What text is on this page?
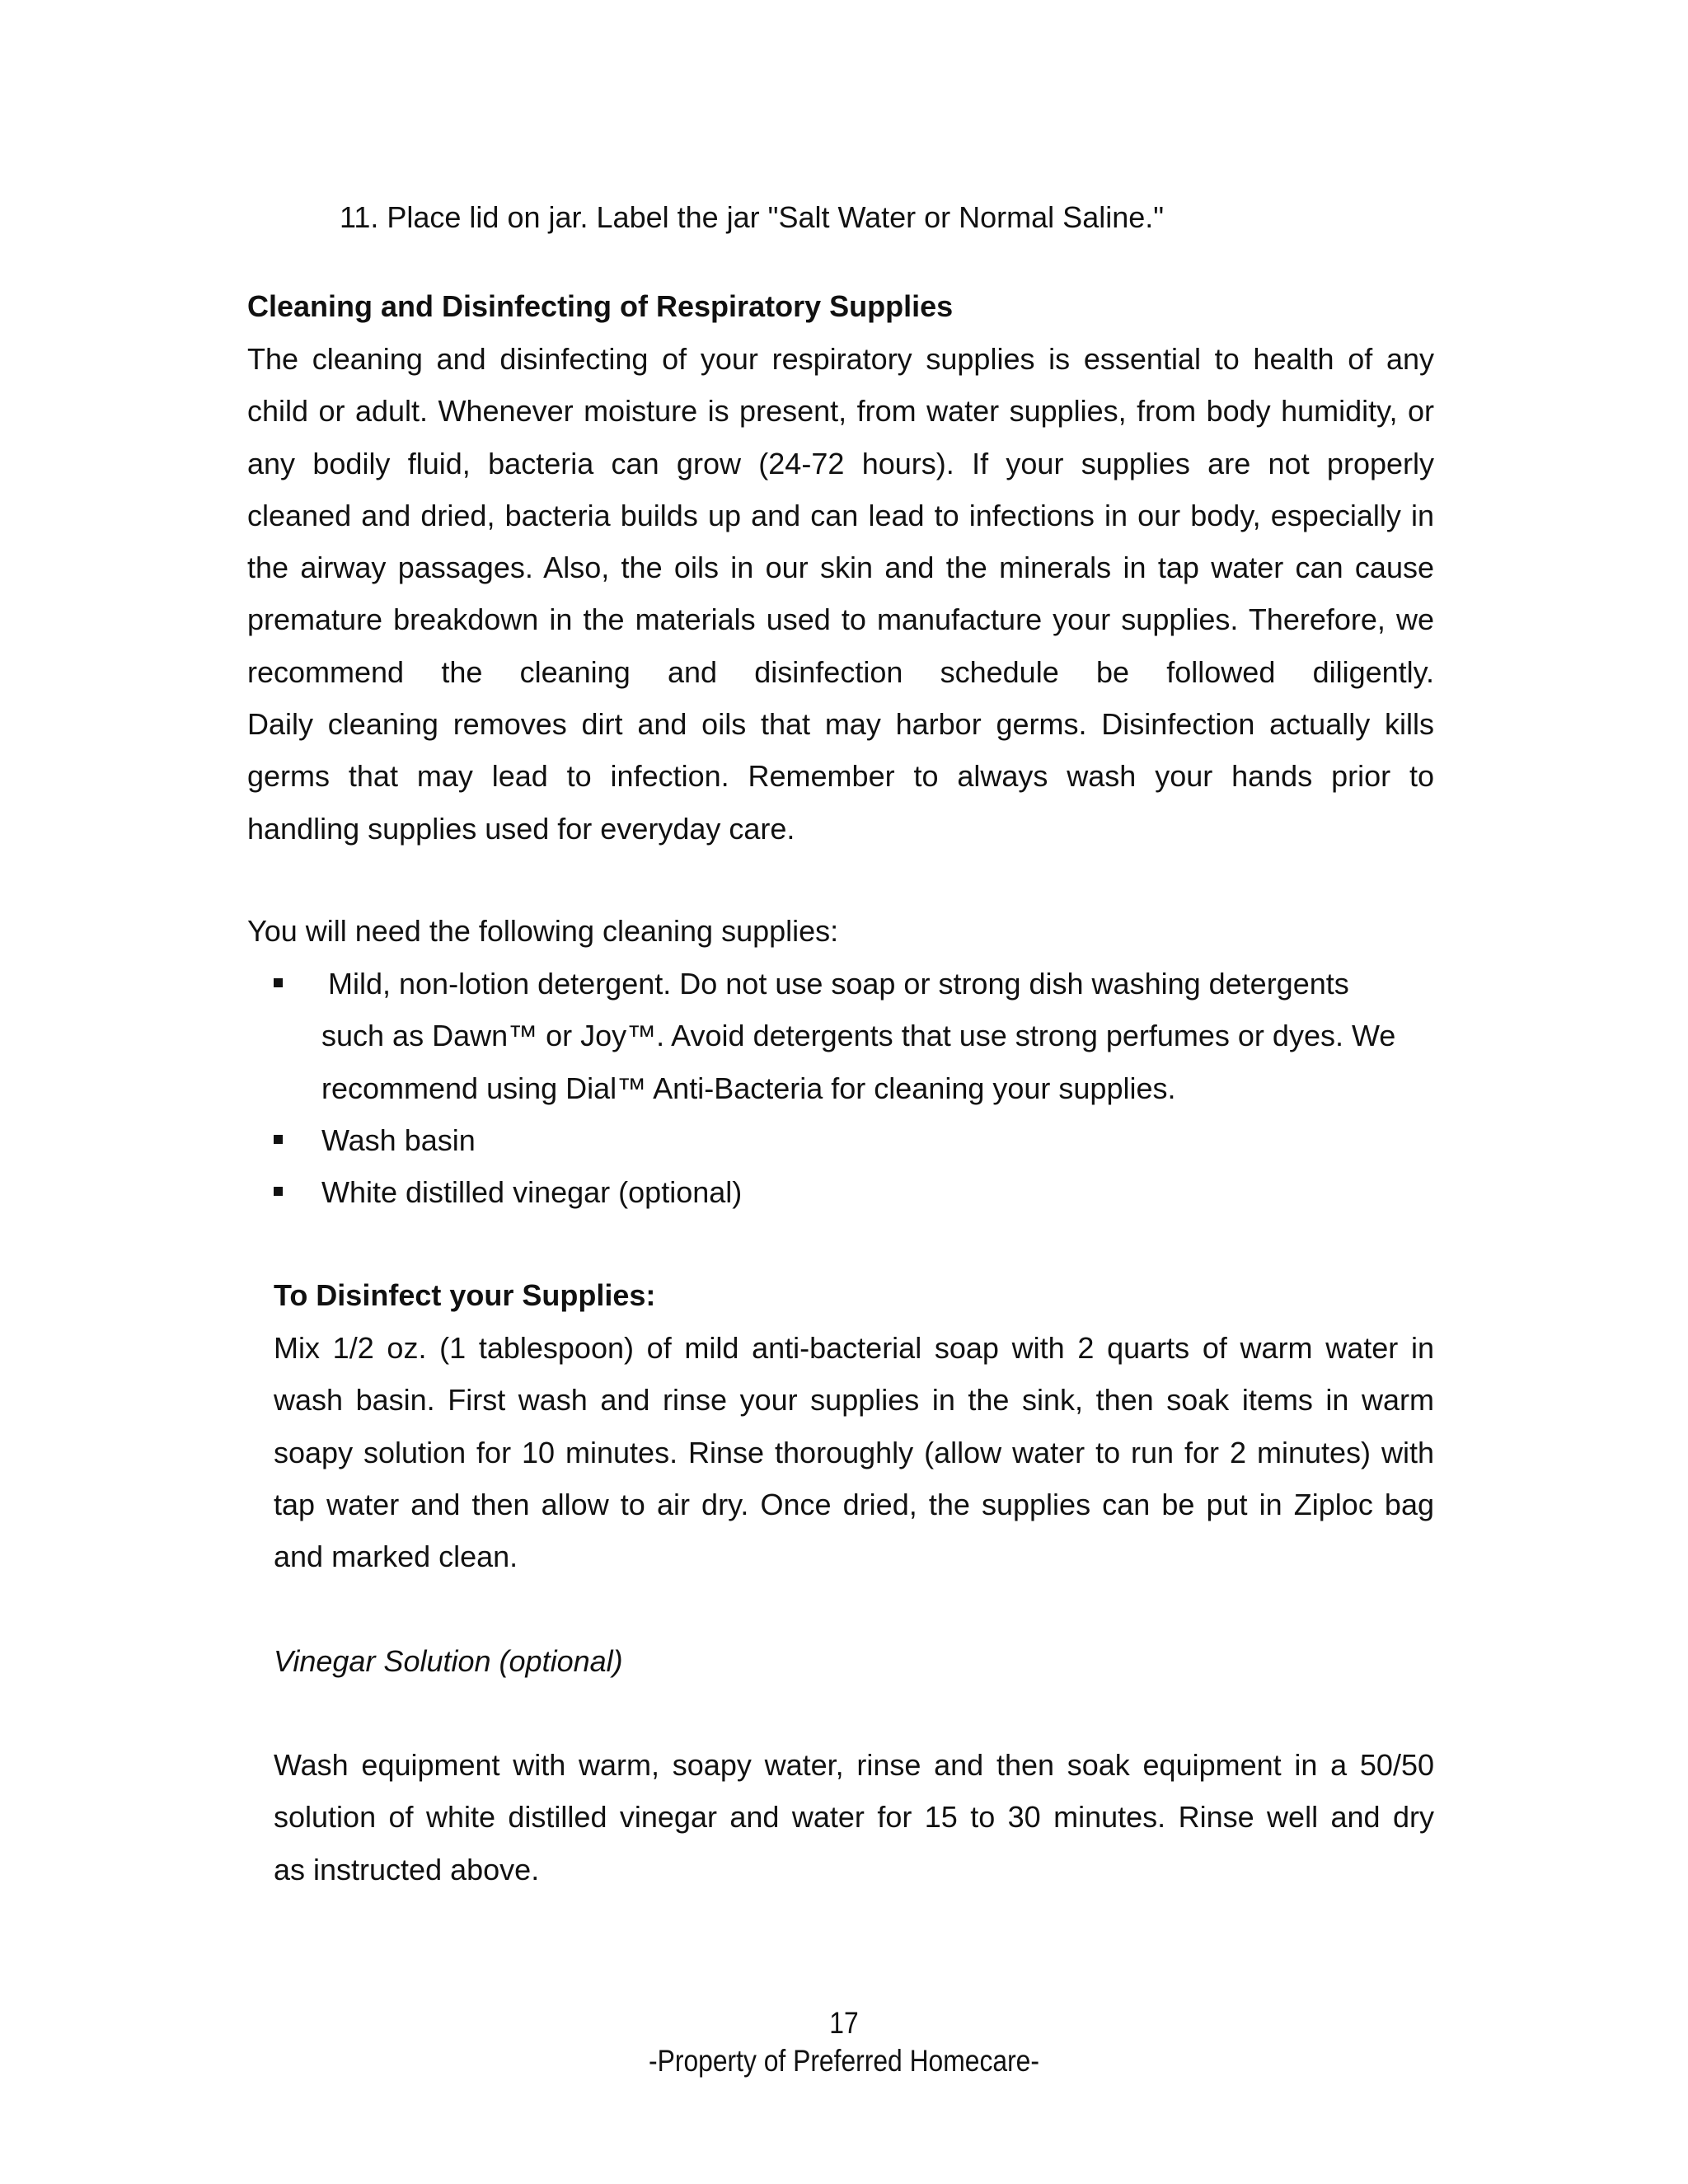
11. Place lid on jar. Label the jar "Salt Water or Normal Saline."
Cleaning and Disinfecting of Respiratory Supplies
The cleaning and disinfecting of your respiratory supplies is essential to health of any
child or adult. Whenever moisture is present, from water supplies, from body humidity, or
any bodily fluid, bacteria can grow (24-72 hours). If your supplies are not properly
cleaned and dried, bacteria builds up and can lead to infections in our body, especially in
the airway passages. Also, the oils in our skin and the minerals in tap water can cause
premature breakdown in the materials used to manufacture your supplies. Therefore, we
recommend the cleaning and disinfection schedule be followed diligently.
Daily cleaning removes dirt and oils that may harbor germs. Disinfection actually kills
germs that may lead to infection. Remember to always wash your hands prior to
handling supplies used for everyday care.
You will need the following cleaning supplies:
Mild, non-lotion detergent. Do not use soap or strong dish washing detergents
such as Dawn™ or Joy™. Avoid detergents that use strong perfumes or dyes. We
recommend using Dial™ Anti-Bacteria for cleaning your supplies.
Wash basin
White distilled vinegar (optional)
To Disinfect your Supplies:
Mix 1/2 oz. (1 tablespoon) of mild anti-bacterial soap with 2 quarts of warm water in
wash basin. First wash and rinse your supplies in the sink, then soak items in warm
soapy solution for 10 minutes. Rinse thoroughly (allow water to run for 2 minutes) with
tap water and then allow to air dry. Once dried, the supplies can be put in Ziploc bag
and marked clean.
Vinegar Solution (optional)
Wash equipment with warm, soapy water, rinse and then soak equipment in a 50/50
solution of white distilled vinegar and water for 15 to 30 minutes. Rinse well and dry
as instructed above.
17
-Property of Preferred Homecare-
